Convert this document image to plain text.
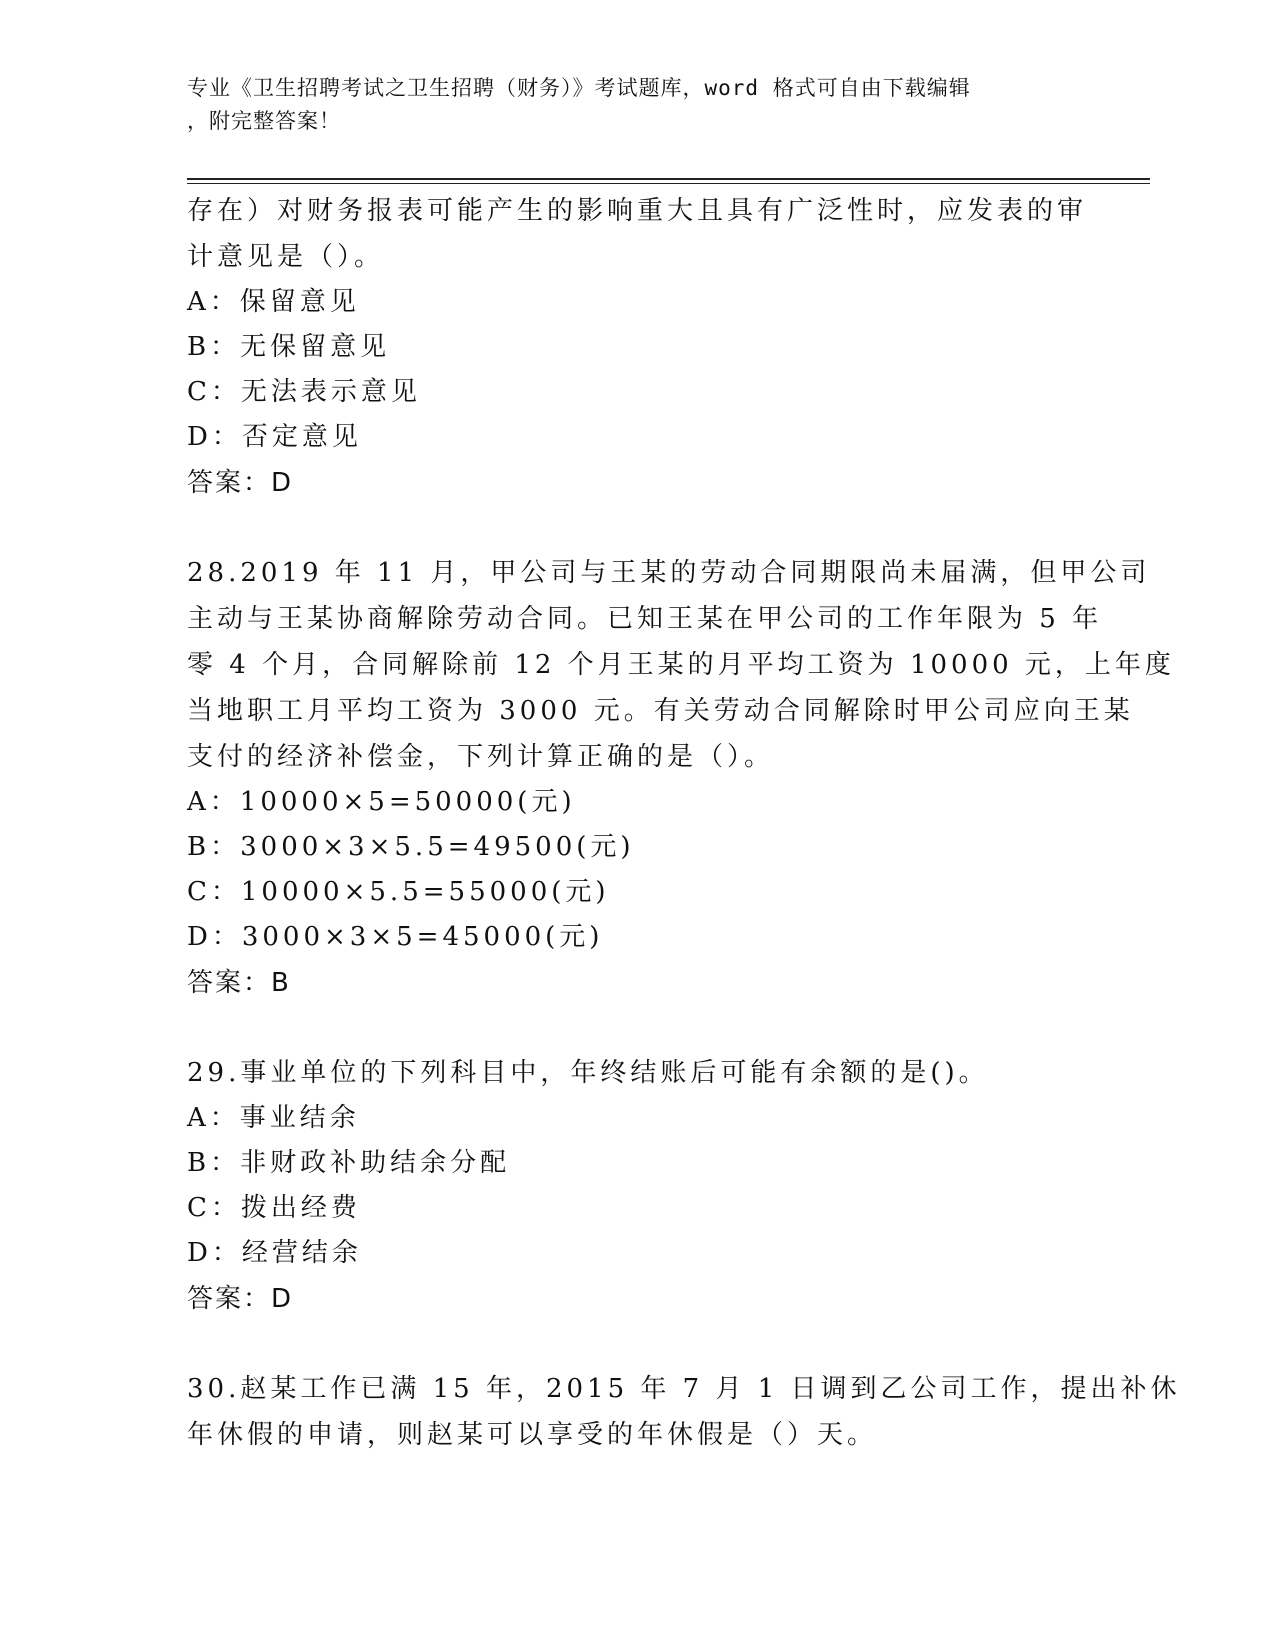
专业《卫生招聘考试之卫生招聘（财务）》考试题库，word 格式可自由下载编辑
，附完整答案！
存在）对财务报表可能产生的影响重大且具有广泛性时，应发表的审
计意见是（）。
A：保留意见
B：无保留意见
C：无法表示意见
D：否定意见
答案：D
28.2019 年 11 月，甲公司与王某的劳动合同期限尚未届满，但甲公司
主动与王某协商解除劳动合同。已知王某在甲公司的工作年限为 5 年
零 4 个月，合同解除前 12 个月王某的月平均工资为 10000 元，上年度
当地职工月平均工资为 3000 元。有关劳动合同解除时甲公司应向王某
支付的经济补偿金，下列计算正确的是（）。
A：10000×5=50000(元)
B：3000×3×5.5=49500(元)
C：10000×5.5=55000(元)
D：3000×3×5=45000(元)
答案：B
29.事业单位的下列科目中，年终结账后可能有余额的是()。
A：事业结余
B：非财政补助结余分配
C：拨出经费
D：经营结余
答案：D
30.赵某工作已满 15 年，2015 年 7 月 1 日调到乙公司工作，提出补休
年休假的申请，则赵某可以享受的年休假是（）天。
